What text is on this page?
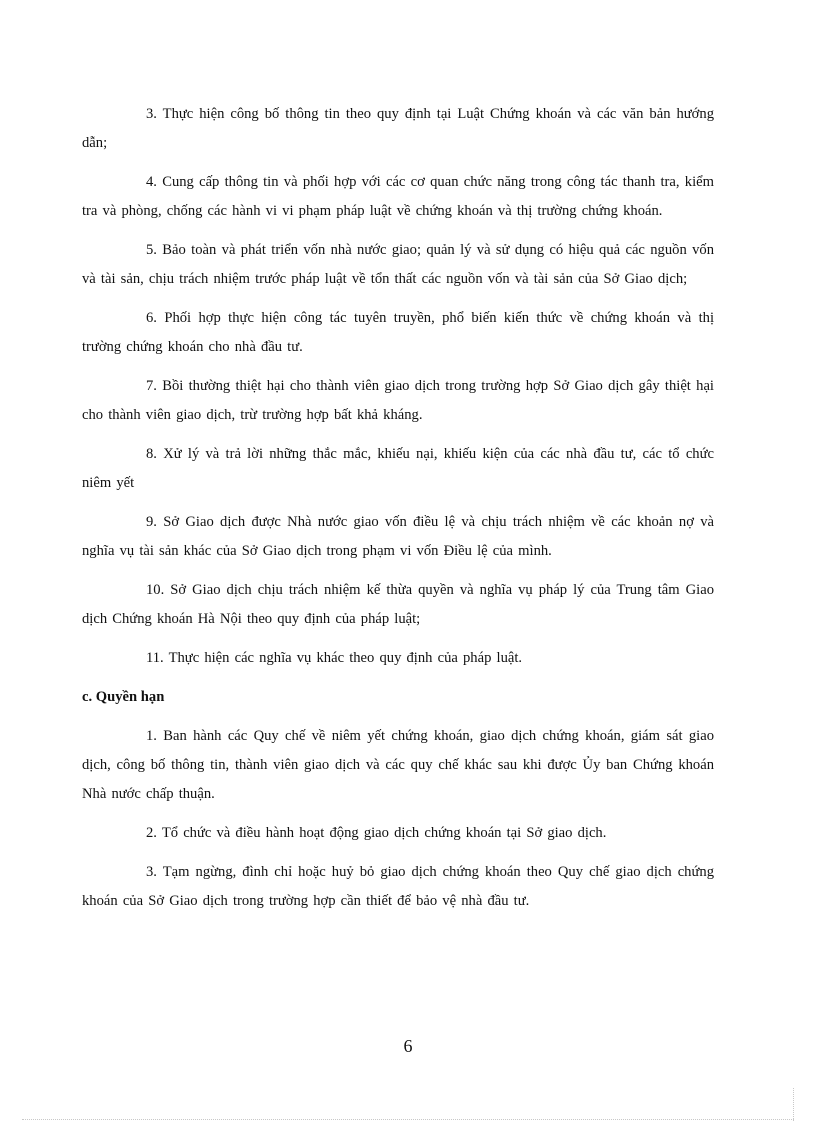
3. Thực hiện công bố thông tin theo quy định tại Luật Chứng khoán và các văn bản hướng dẫn;

4. Cung cấp thông tin và phối hợp với các cơ quan chức năng trong công tác thanh tra, kiểm tra và phòng, chống các hành vi vi phạm pháp luật về chứng khoán và thị trường chứng khoán.

5. Bảo toàn và phát triển vốn nhà nước giao; quản lý và sử dụng có hiệu quả các nguồn vốn và tài sản, chịu trách nhiệm trước pháp luật về tổn thất các nguồn vốn và tài sản của Sở Giao dịch;

6. Phối hợp thực hiện công tác tuyên truyền, phổ biến kiến thức về chứng khoán và thị trường chứng khoán cho nhà đầu tư.

7. Bồi thường thiệt hại cho thành viên giao dịch trong trường hợp Sở Giao dịch gây thiệt hại cho thành viên giao dịch, trừ trường hợp bất khả kháng.

8. Xử lý và trả lời những thắc mắc, khiếu nại, khiếu kiện của các nhà đầu tư, các tổ chức niêm yết

9. Sở Giao dịch được Nhà nước giao vốn điều lệ và chịu trách nhiệm về các khoản nợ và nghĩa vụ tài sản khác của Sở Giao dịch trong phạm vi vốn Điều lệ của mình.

10. Sở Giao dịch chịu trách nhiệm kế thừa quyền và nghĩa vụ pháp lý của Trung tâm Giao dịch Chứng khoán Hà Nội theo quy định của pháp luật;

11. Thực hiện các nghĩa vụ khác theo quy định của pháp luật.

c. Quyền hạn

1. Ban hành các Quy chế về niêm yết chứng khoán, giao dịch chứng khoán, giám sát giao dịch, công bố thông tin, thành viên giao dịch và các quy chế khác sau khi được Ủy ban Chứng khoán Nhà nước chấp thuận.

2. Tổ chức và điều hành hoạt động giao dịch chứng khoán tại Sở giao dịch.

3. Tạm ngừng, đình chỉ hoặc huỷ bỏ giao dịch chứng khoán theo Quy chế giao dịch chứng khoán của Sở Giao dịch trong trường hợp cần thiết để bảo vệ nhà đầu tư.

6
